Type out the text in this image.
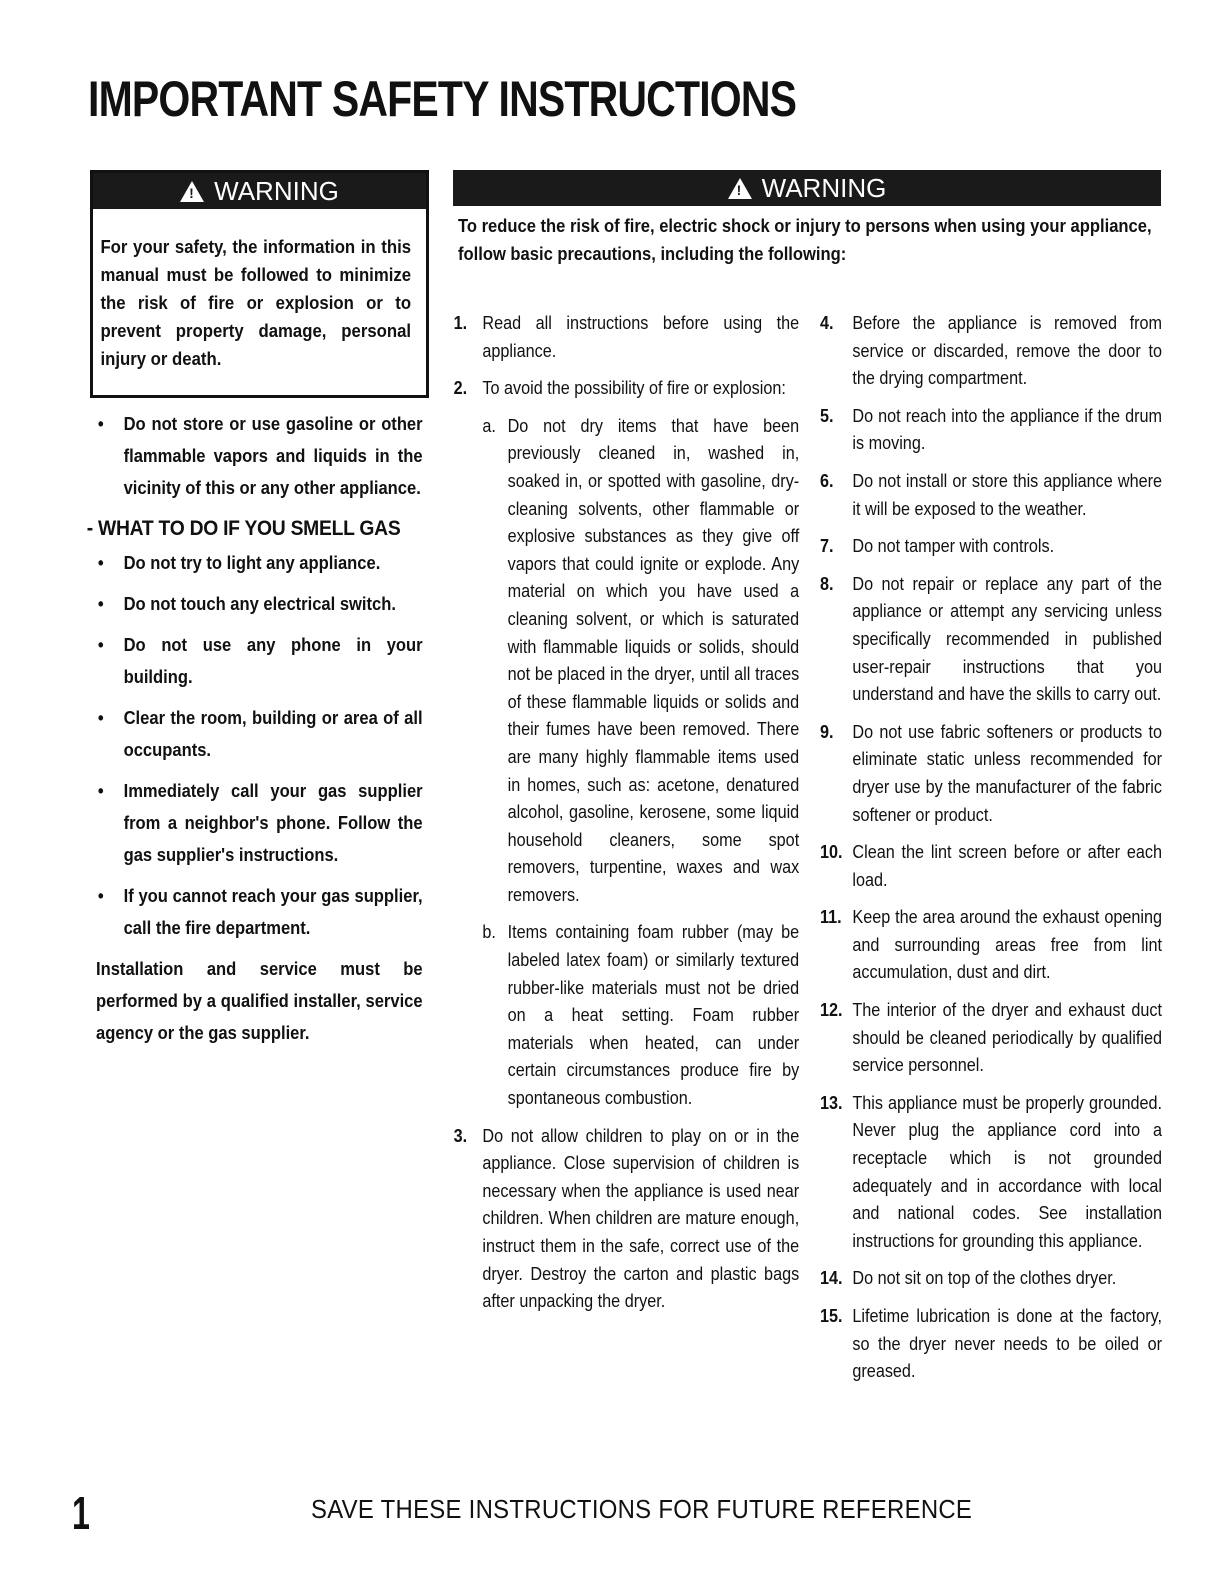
IMPORTANT SAFETY INSTRUCTIONS
! WARNING
For your safety, the information in this manual must be followed to minimize the risk of fire or explosion or to prevent property damage, personal injury or death.
! WARNING
To reduce the risk of fire, electric shock or injury to persons when using your appliance, follow basic precautions, including the following:
• Do not store or use gasoline or other flammable vapors and liquids in the vicinity of this or any other appliance.
- WHAT TO DO IF YOU SMELL GAS
• Do not try to light any appliance.
• Do not touch any electrical switch.
• Do not use any phone in your building.
• Clear the room, building or area of all occupants.
• Immediately call your gas supplier from a neighbor's phone. Follow the gas supplier's instructions.
• If you cannot reach your gas supplier, call the fire department.
Installation and service must be performed by a qualified installer, service agency or the gas supplier.
1. Read all instructions before using the appliance.
2. To avoid the possibility of fire or explosion:
a. Do not dry items that have been previously cleaned in, washed in, soaked in, or spotted with gasoline, dry-cleaning solvents, other flammable or explosive substances as they give off vapors that could ignite or explode. Any material on which you have used a cleaning solvent, or which is saturated with flammable liquids or solids, should not be placed in the dryer, until all traces of these flammable liquids or solids and their fumes have been removed. There are many highly flammable items used in homes, such as: acetone, denatured alcohol, gasoline, kerosene, some liquid household cleaners, some spot removers, turpentine, waxes and wax removers.
b. Items containing foam rubber (may be labeled latex foam) or similarly textured rubber-like materials must not be dried on a heat setting. Foam rubber materials when heated, can under certain circumstances produce fire by spontaneous combustion.
3. Do not allow children to play on or in the appliance. Close supervision of children is necessary when the appliance is used near children. When children are mature enough, instruct them in the safe, correct use of the dryer. Destroy the carton and plastic bags after unpacking the dryer.
4. Before the appliance is removed from service or discarded, remove the door to the drying compartment.
5. Do not reach into the appliance if the drum is moving.
6. Do not install or store this appliance where it will be exposed to the weather.
7. Do not tamper with controls.
8. Do not repair or replace any part of the appliance or attempt any servicing unless specifically recommended in published user-repair instructions that you understand and have the skills to carry out.
9. Do not use fabric softeners or products to eliminate static unless recommended for dryer use by the manufacturer of the fabric softener or product.
10. Clean the lint screen before or after each load.
11. Keep the area around the exhaust opening and surrounding areas free from lint accumulation, dust and dirt.
12. The interior of the dryer and exhaust duct should be cleaned periodically by qualified service personnel.
13. This appliance must be properly grounded. Never plug the appliance cord into a receptacle which is not grounded adequately and in accordance with local and national codes. See installation instructions for grounding this appliance.
14. Do not sit on top of the clothes dryer.
15. Lifetime lubrication is done at the factory, so the dryer never needs to be oiled or greased.
1	SAVE THESE INSTRUCTIONS FOR FUTURE REFERENCE
